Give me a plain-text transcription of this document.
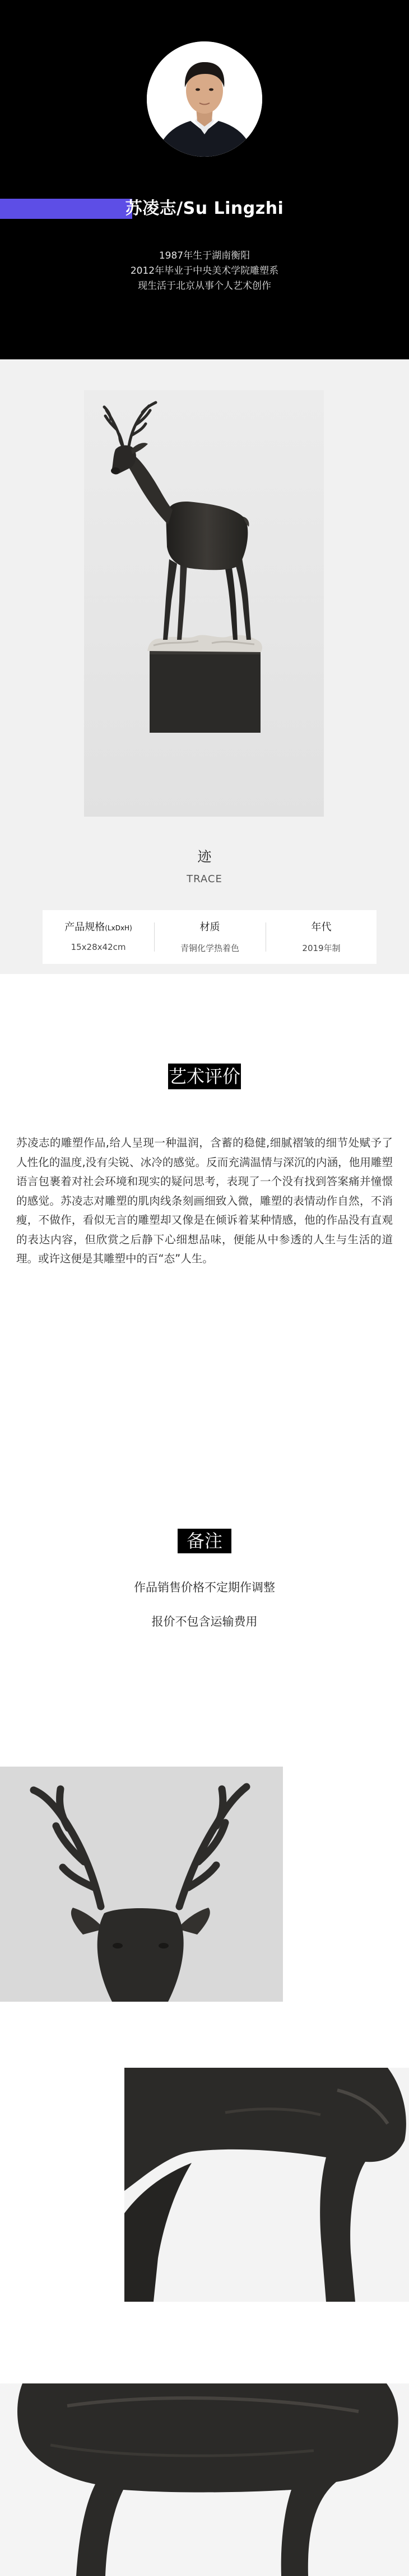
苏凌志/Su Lingzhi
1987年生于湖南衡阳
2012年毕业于中央美术学院雕塑系
现生活于北京从事个人艺术创作
迹
TRACE
产品规格(LxDxH)
15x28x42cm
材质
青铜化学热着色
年代
2019年制
艺术评价
苏凌志的雕塑作品,给人呈现一种温润，含蓄的稳健,细腻褶皱的细节处赋予了人性化的温度,没有尖锐、冰冷的感觉。反而充满温情与深沉的内涵，他用雕塑语言包裹着对社会环境和现实的疑问思考，表现了一个没有找到答案痛并憧憬的感觉。苏凌志对雕塑的肌肉线条刻画细致入微，雕塑的表情动作自然，不消瘦，不做作，看似无言的雕塑却又像是在倾诉着某种情感，他的作品没有直观的表达内容，但欣赏之后静下心细想品味，便能从中参透的人生与生活的道理。或许这便是其雕塑中的百“态”人生。
备注
作品销售价格不定期作调整
报价不包含运输费用
